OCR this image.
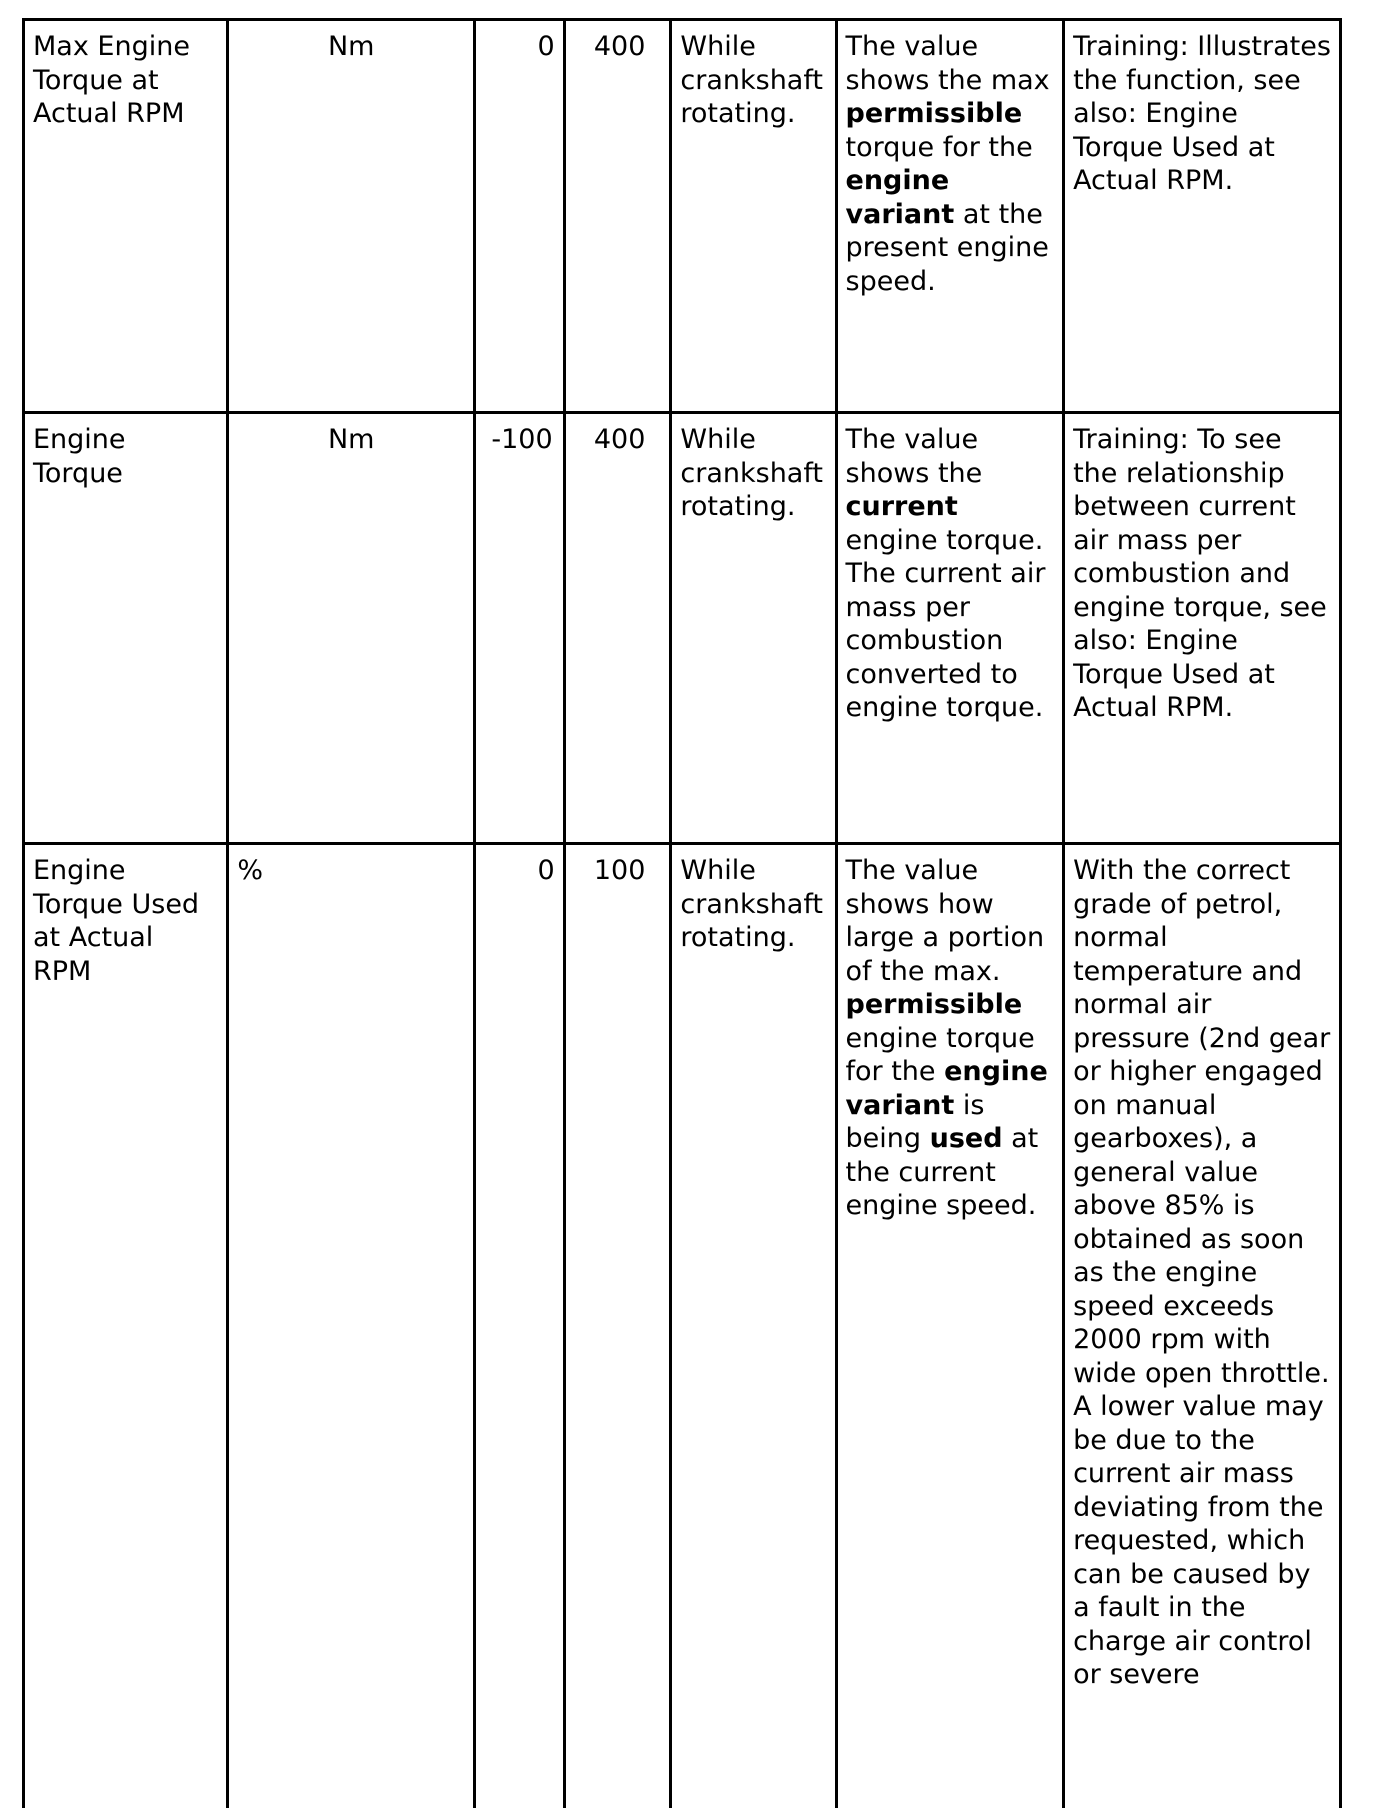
Max Engine Torque at Actual RPM	Nm	0	400	While crankshaft rotating.	The value shows the max permissible torque for the engine variant at the present engine speed.	Training: Illustrates the function, see also: Engine Torque Used at Actual RPM.
Engine Torque	Nm	-100	400	While crankshaft rotating.	The value shows the current engine torque. The current air mass per combustion converted to engine torque.	Training: To see the relationship between current air mass per combustion and engine torque, see also: Engine Torque Used at Actual RPM.
Engine Torque Used at Actual RPM	%	0	100	While crankshaft rotating.	The value shows how large a portion of the max. permissible engine torque for the engine variant is being used at the current engine speed.	With the correct grade of petrol, normal temperature and normal air pressure (2nd gear or higher engaged on manual gearboxes), a general value above 85% is obtained as soon as the engine speed exceeds 2000 rpm with wide open throttle. A lower value may be due to the current air mass deviating from the requested, which can be caused by a fault in the charge air control or severe
